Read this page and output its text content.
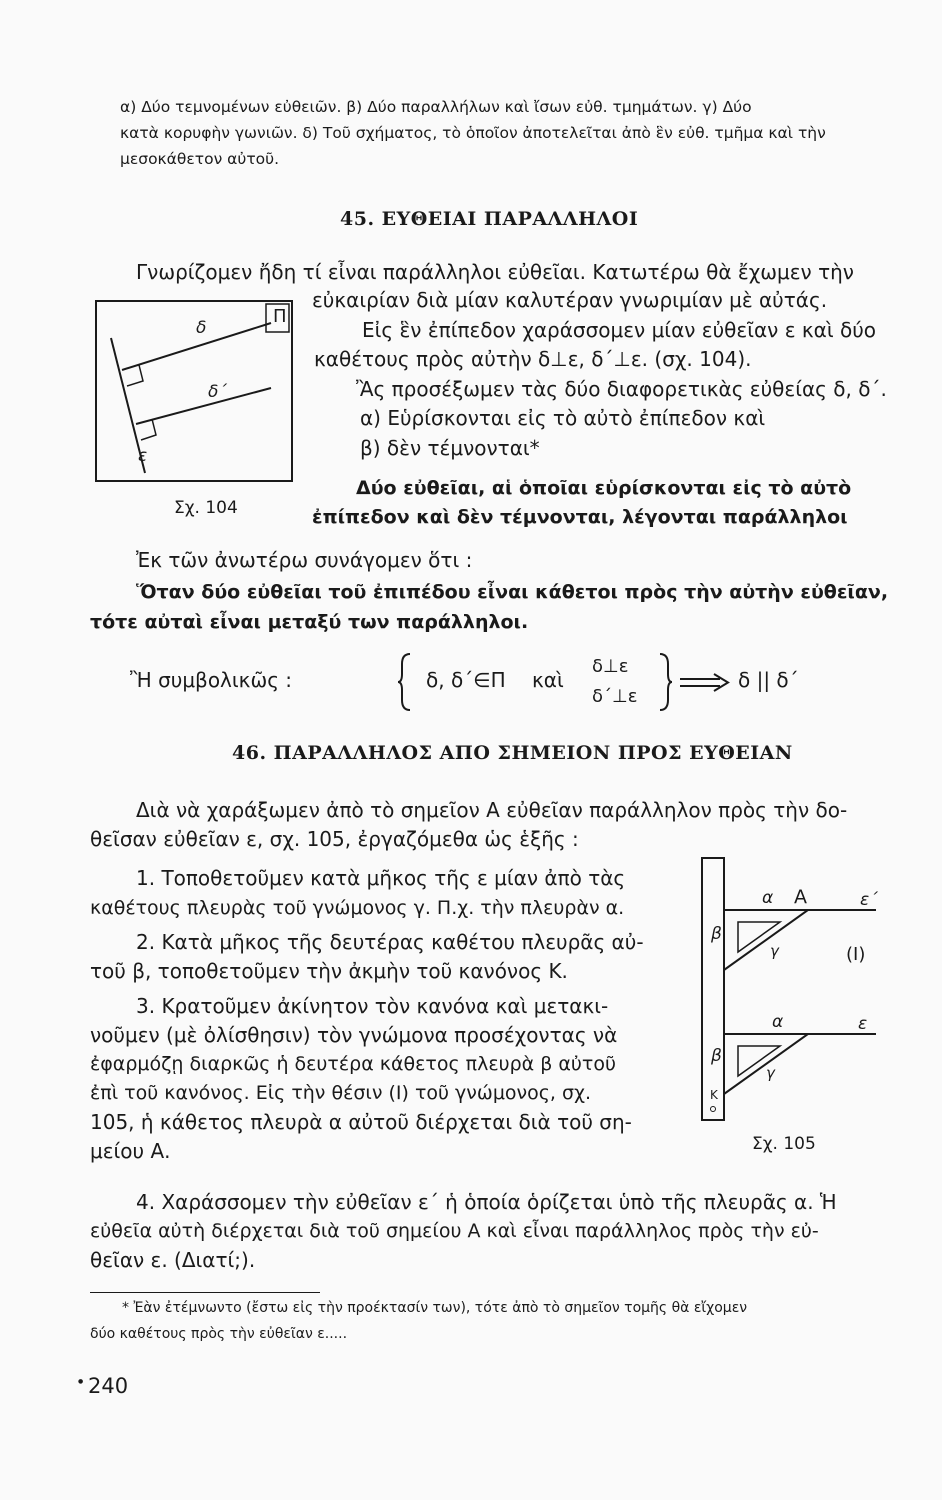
α) Δύο τεμνομένων εὐθειῶν. β) Δύο παραλλήλων καὶ ἴσων εὐθ. τμημάτων. γ) Δύο
κατὰ κορυφὴν γωνιῶν. δ) Τοῦ σχήματος, τὸ ὁποῖον ἀποτελεῖται ἀπὸ ἓν εὐθ. τμῆμα καὶ τὴν
μεσοκάθετον αὐτοῦ.
45. ΕΥΘΕΙΑΙ ΠΑΡΑΛΛΗΛΟΙ
Γνωρίζομεν ἤδη τί εἶναι παράλληλοι εὐθεῖαι. Κατωτέρω θὰ ἔχωμεν τὴν
εὐκαιρίαν διὰ μίαν καλυτέραν γνωριμίαν μὲ αὐτάς.
Εἰς ἓν ἐπίπεδον χαράσσομεν μίαν εὐθεῖαν ε καὶ δύο
καθέτους πρὸς αὐτὴν δ⊥ε, δ΄⊥ε. (σχ. 104).
Ἂς προσέξωμεν τὰς δύο διαφορετικὰς εὐθείας δ, δ΄.
α) Εὑρίσκονται εἰς τὸ αὐτὸ ἐπίπεδον καὶ
β) δὲν τέμνονται*
Δύο εὐθεῖαι, αἱ ὁποῖαι εὑρίσκονται εἰς τὸ αὐτὸ
ἐπίπεδον καὶ δὲν τέμνονται, λέγονται παράλληλοι
Π
δ
δ΄
ε
Σχ. 104
Ἐκ τῶν ἀνωτέρω συνάγομεν ὅτι :
Ὅταν δύο εὐθεῖαι τοῦ ἐπιπέδου εἶναι κάθετοι πρὸς τὴν αὐτὴν εὐθεῖαν,
τότε αὐταὶ εἶναι μεταξύ των παράλληλοι.
Ἢ συμβολικῶς :	δ, δ΄∈Π καὶ
δ⊥ε
δ΄⊥ε
δ || δ΄
46. ΠΑΡΑΛΛΗΛΟΣ ΑΠΟ ΣΗΜΕΙΟΝ ΠΡΟΣ ΕΥΘΕΙΑΝ
Διὰ νὰ χαράξωμεν ἀπὸ τὸ σημεῖον Α εὐθεῖαν παράλληλον πρὸς τὴν δο-
θεῖσαν εὐθεῖαν ε, σχ. 105, ἐργαζόμεθα ὡς ἑξῆς :
1. Τοποθετοῦμεν κατὰ μῆκος τῆς ε μίαν ἀπὸ τὰς
καθέτους πλευρὰς τοῦ γνώμονος γ. Π.χ. τὴν πλευρὰν α.
2. Κατὰ μῆκος τῆς δευτέρας καθέτου πλευρᾶς αὐ-
τοῦ β, τοποθετοῦμεν τὴν ἀκμὴν τοῦ κανόνος Κ.
3. Κρατοῦμεν ἀκίνητον τὸν κανόνα καὶ μετακι-
νοῦμεν (μὲ ὀλίσθησιν) τὸν γνώμονα προσέχοντας νὰ
ἐφαρμόζῃ διαρκῶς ἡ δευτέρα κάθετος πλευρὰ β αὐτοῦ
ἐπὶ τοῦ κανόνος. Εἰς τὴν θέσιν (Ι) τοῦ γνώμονος, σχ.
105, ἡ κάθετος πλευρὰ α αὐτοῦ διέρχεται διὰ τοῦ ση-
μείου Α.
α Α	ε΄
β
γ	(Ι)
α	ε
β
γ
Κ
Σχ. 105
4. Χαράσσομεν τὴν εὐθεῖαν ε΄ ἡ ὁποία ὁρίζεται ὑπὸ τῆς πλευρᾶς α. Ἡ
εὐθεῖα αὐτὴ διέρχεται διὰ τοῦ σημείου Α καὶ εἶναι παράλληλος πρὸς τὴν εὐ-
θεῖαν ε. (Διατί;).
* Ἐὰν ἐτέμνωντο (ἔστω εἰς τὴν προέκτασίν των), τότε ἀπὸ τὸ σημεῖον τομῆς θὰ εἴχομεν
δύο καθέτους πρὸς τὴν εὐθεῖαν ε.....
● 240
